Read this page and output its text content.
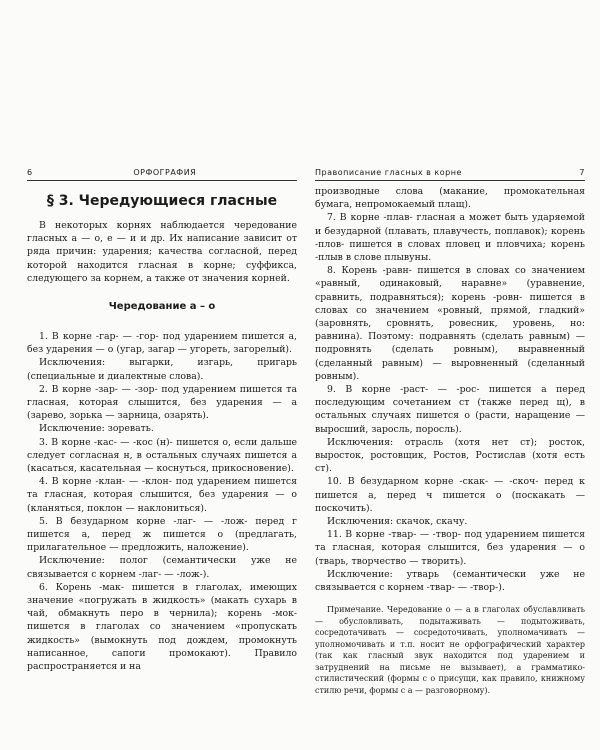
6	ОРФОГРАФИЯ
§ 3. Чередующиеся гласные

В некоторых корнях наблюдается чередование гласных а — о, е — и и др. Их написание зависит от ряда причин: ударения; качества согласной, перед которой находится гласная в корне; суффикса, следующего за корнем, а также от значения корней.

Чередование а – о

1. В корне -гар- — -гор- под ударением пишется а, без ударения — о (угар, загар — угореть, загорелый).

Исключения: выгарки, изгарь, пригарь (специальные и диалектные слова).

2. В корне -зар- — -зор- под ударением пишется та гласная, которая слышится, без ударения — а (зарево, зорька — зарница, озарять).

Исключение: зоревать.

3. В корне -кас- — -кос (н)- пишется о, если дальше следует согласная н, в остальных случаях пишется а (касаться, касательная — коснуться, прикосновение).

4. В корне -клан- — -клон- под ударением пишется та гласная, которая слышится, без ударения — о (кланяться, поклон — наклониться).

5. В безударном корне -лаг- — -лож- перед г пишется а, перед ж пишется о (предлагать, прилагательное — предложить, наложение).

Исключение: полог (семантически уже не связывается с корнем -лаг- — -лож-).

6. Корень -мак- пишется в глаголах, имеющих значение «погружать в жидкость» (макать сухарь в чай, обмакнуть перо в чернила); корень -мок- пишется в глаголах со значением «пропускать жидкость» (вымокнуть под дождем, промокнуть написанное, сапоги промокают). Правило распространяется и на

Правописание гласных в корне	7

производные слова (макание, промокательная бумага, непромокаемый плащ).

7. В корне -плав- гласная а может быть ударяемой и безударной (плавать, плавучесть, поплавок); корень -плов- пишется в словах пловец и пловчиха; корень -плыв в слове плывуны.

8. Корень -равн- пишется в словах со значением «равный, одинаковый, наравне» (уравнение, сравнить, подравняться); корень -ровн- пишется в словах со значением «ровный, прямой, гладкий» (заровнять, сровнять, ровесник, уровень, но: равнина). Поэтому: подравнять (сделать равным) — подровнять (сделать ровным), выравненный (сделанный равным) — выровненный (сделанный ровным).

9. В корне -раст- — -рос- пишется а перед последующим сочетанием ст (также перед щ), в остальных случаях пишется о (расти, наращение — выросший, заросль, поросль).

Исключения: отрасль (хотя нет ст); росток, выросток, ростовщик, Ростов, Ростислав (хотя есть ст).

10. В безударном корне -скак- — -скоч- перед к пишется а, перед ч пишется о (поскакать — поскочить).

Исключения: скачок, скачу.

11. В корне -твар- — -твор- под ударением пишется та гласная, которая слышится, без ударения — о (тварь, творчество — творить).

Исключение: утварь (семантически уже не связывается с корнем -твар- — -твор-).

Примечание. Чередование о — а в глаголах обуславливать — обусловливать, подытаживать — подытоживать, сосредотачивать — сосредоточивать, уполномачивать — уполномочивать и т.п. носит не орфографический характер (так как гласный звук находится под ударением и затруднений на письме не вызывает), а грамматико-стилистический (формы с о присущи, как правило, книжному стилю речи, формы с а — разговорному).
